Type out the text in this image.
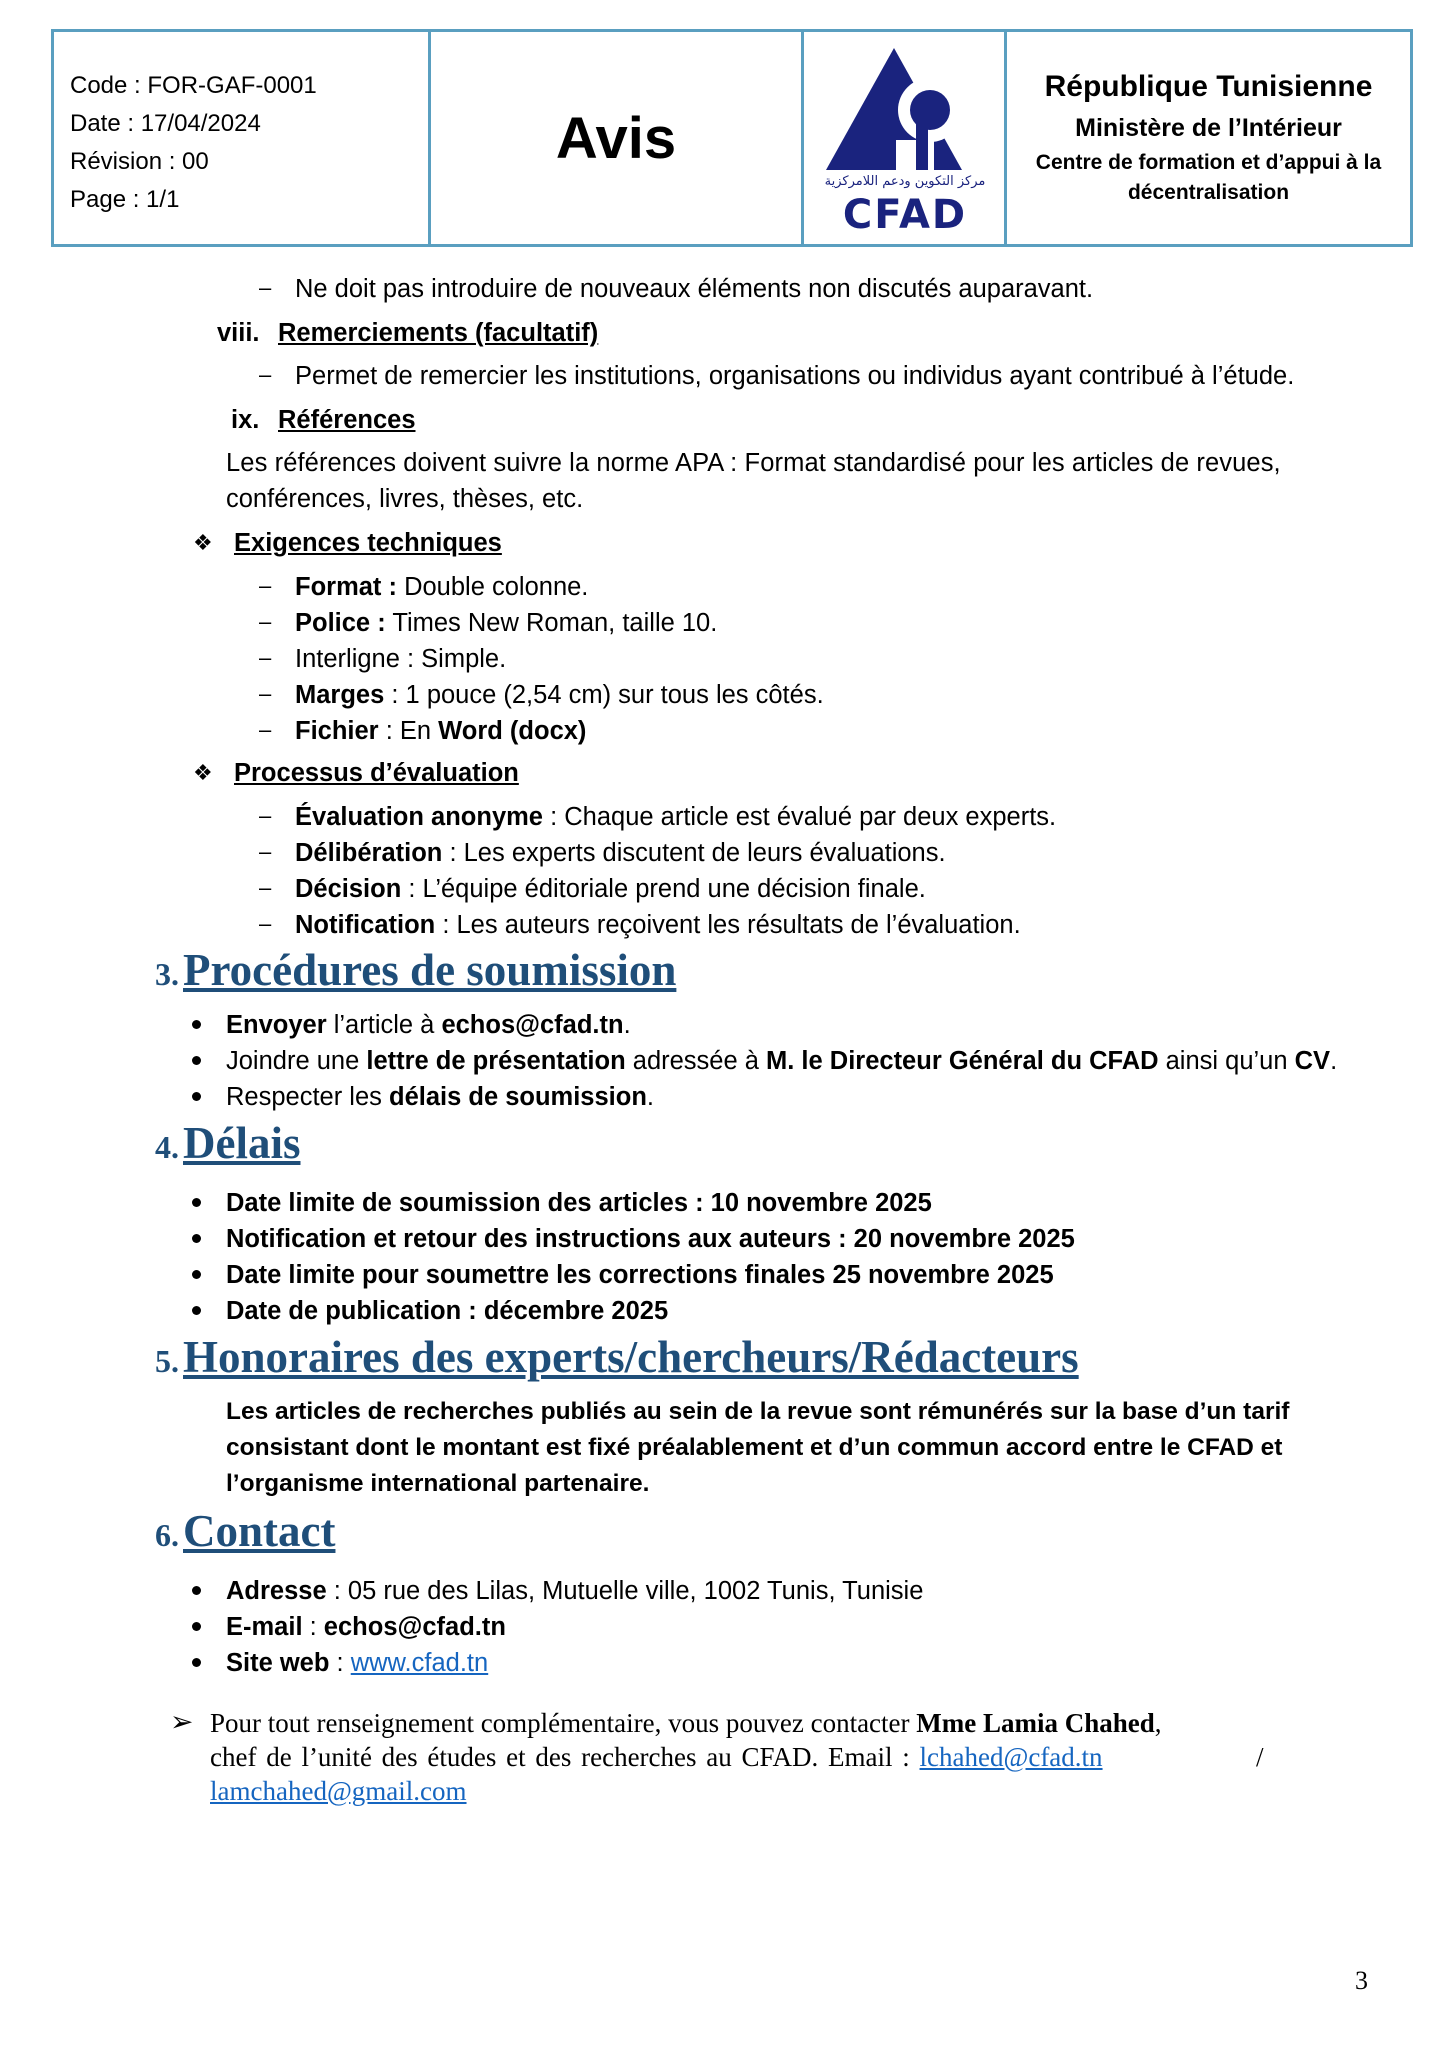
Code : FOR-GAF-0001
Date : 17/04/2024
Révision : 00
Page : 1/1
Avis
مركز التكوين ودعم اللامركزية
CFAD
République Tunisienne
Ministère de l’Intérieur
Centre de formation et d’appui à la
décentralisation
– Ne doit pas introduire de nouveaux éléments non discutés auparavant.
viii. Remerciements (facultatif)
– Permet de remercier les institutions, organisations ou individus ayant contribué à l’étude.
ix. Références
Les références doivent suivre la norme APA : Format standardisé pour les articles de revues,
conférences, livres, thèses, etc.
❖ Exigences techniques
– Format : Double colonne.
– Police : Times New Roman, taille 10.
– Interligne : Simple.
– Marges : 1 pouce (2,54 cm) sur tous les côtés.
– Fichier : En Word (docx)
❖ Processus d’évaluation
– Évaluation anonyme : Chaque article est évalué par deux experts.
– Délibération : Les experts discutent de leurs évaluations.
– Décision : L’équipe éditoriale prend une décision finale.
– Notification : Les auteurs reçoivent les résultats de l’évaluation.
3. Procédures de soumission
Envoyer l’article à echos@cfad.tn.
Joindre une lettre de présentation adressée à M. le Directeur Général du CFAD ainsi qu’un CV.
Respecter les délais de soumission.
4. Délais
Date limite de soumission des articles : 10 novembre 2025
Notification et retour des instructions aux auteurs : 20 novembre 2025
Date limite pour soumettre les corrections finales 25 novembre 2025
Date de publication : décembre 2025
5. Honoraires des experts/chercheurs/Rédacteurs
Les articles de recherches publiés au sein de la revue sont rémunérés sur la base d’un tarif
consistant dont le montant est fixé préalablement et d’un commun accord entre le CFAD et
l’organisme international partenaire.
6. Contact
Adresse : 05 rue des Lilas, Mutuelle ville, 1002 Tunis, Tunisie
E-mail : echos@cfad.tn
Site web : www.cfad.tn
➢ Pour tout renseignement complémentaire, vous pouvez contacter Mme Lamia Chahed,
chef de l’unité des études et des recherches au CFAD. Email : lchahed@cfad.tn	/
lamchahed@gmail.com
3
